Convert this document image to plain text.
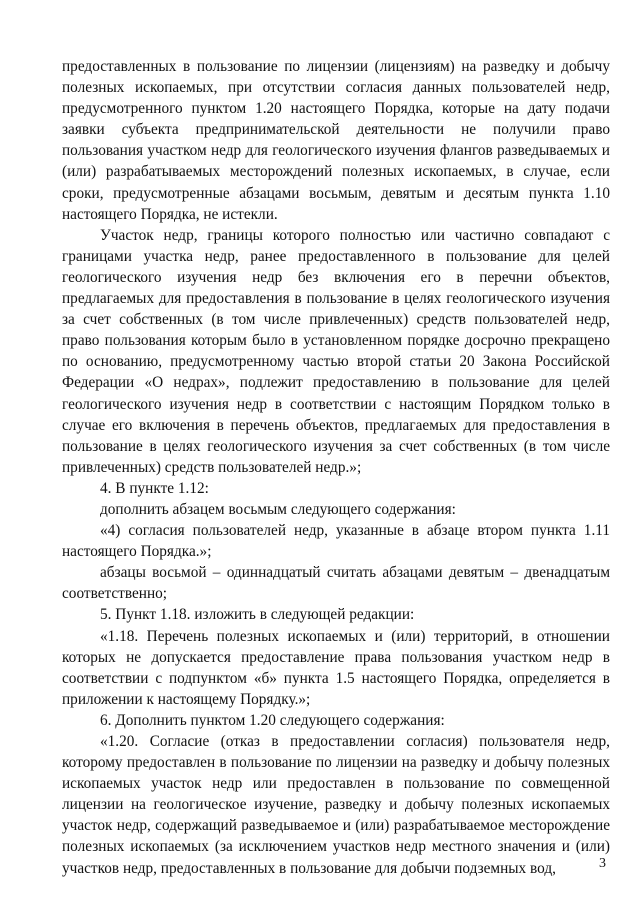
предоставленных в пользование по лицензии (лицензиям) на разведку и добычу полезных ископаемых, при отсутствии согласия данных пользователей недр, предусмотренного пунктом 1.20 настоящего Порядка, которые на дату подачи заявки субъекта предпринимательской деятельности не получили право пользования участком недр для геологического изучения флангов разведываемых и (или) разрабатываемых месторождений полезных ископаемых, в случае, если сроки, предусмотренные абзацами восьмым, девятым и десятым пункта 1.10 настоящего Порядка, не истекли.

Участок недр, границы которого полностью или частично совпадают с границами участка недр, ранее предоставленного в пользование для целей геологического изучения недр без включения его в перечни объектов, предлагаемых для предоставления в пользование в целях геологического изучения за счет собственных (в том числе привлеченных) средств пользователей недр, право пользования которым было в установленном порядке досрочно прекращено по основанию, предусмотренному частью второй статьи 20 Закона Российской Федерации «О недрах», подлежит предоставлению в пользование для целей геологического изучения недр в соответствии с настоящим Порядком только в случае его включения в перечень объектов, предлагаемых для предоставления в пользование в целях геологического изучения за счет собственных (в том числе привлеченных) средств пользователей недр.»;

4. В пункте 1.12:

дополнить абзацем восьмым следующего содержания:

«4) согласия пользователей недр, указанные в абзаце втором пункта 1.11 настоящего Порядка.»;

абзацы восьмой – одиннадцатый считать абзацами девятым – двенадцатым соответственно;

5. Пункт 1.18. изложить в следующей редакции:

«1.18. Перечень полезных ископаемых и (или) территорий, в отношении которых не допускается предоставление права пользования участком недр в соответствии с подпунктом «б» пункта 1.5 настоящего Порядка, определяется в приложении к настоящему Порядку.»;

6. Дополнить пунктом 1.20 следующего содержания:

«1.20. Согласие (отказ в предоставлении согласия) пользователя недр, которому предоставлен в пользование по лицензии на разведку и добычу полезных ископаемых участок недр или предоставлен в пользование по совмещенной лицензии на геологическое изучение, разведку и добычу полезных ископаемых участок недр, содержащий разведываемое и (или) разрабатываемое месторождение полезных ископаемых (за исключением участков недр местного значения и (или) участков недр, предоставленных в пользование для добычи подземных вод,	3
